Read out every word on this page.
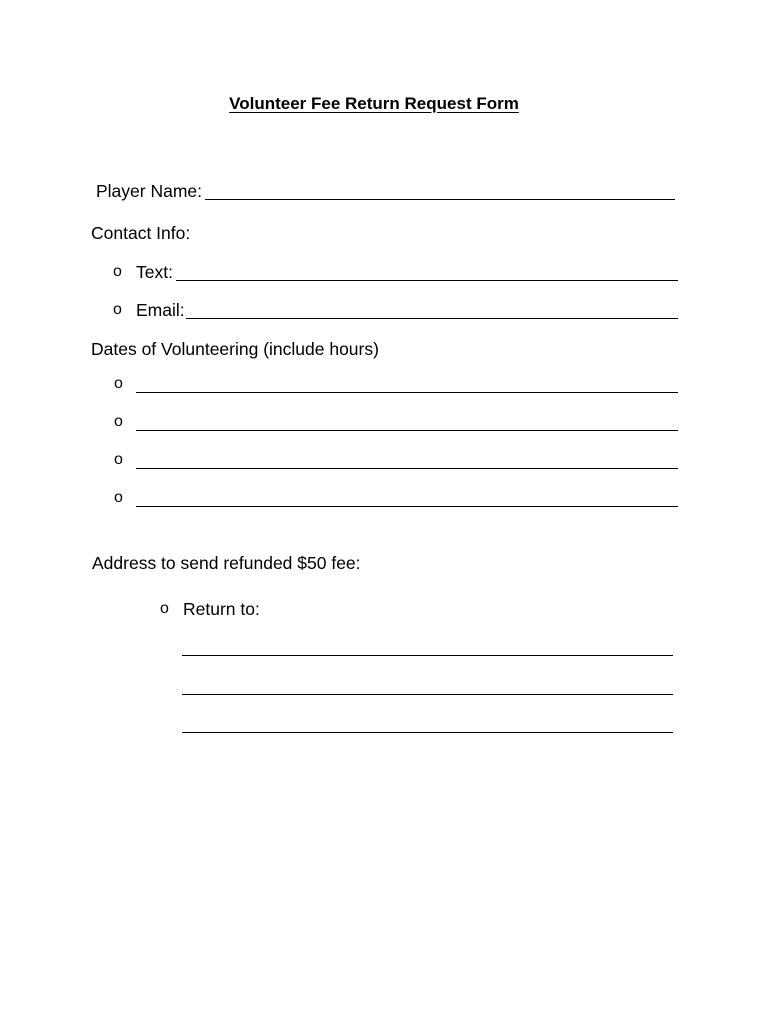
Volunteer Fee Return Request Form
Player Name:
Contact Info:
o Text:
o Email:
Dates of Volunteering (include hours)
o
o
o
o
Address to send refunded $50 fee:
o Return to:
